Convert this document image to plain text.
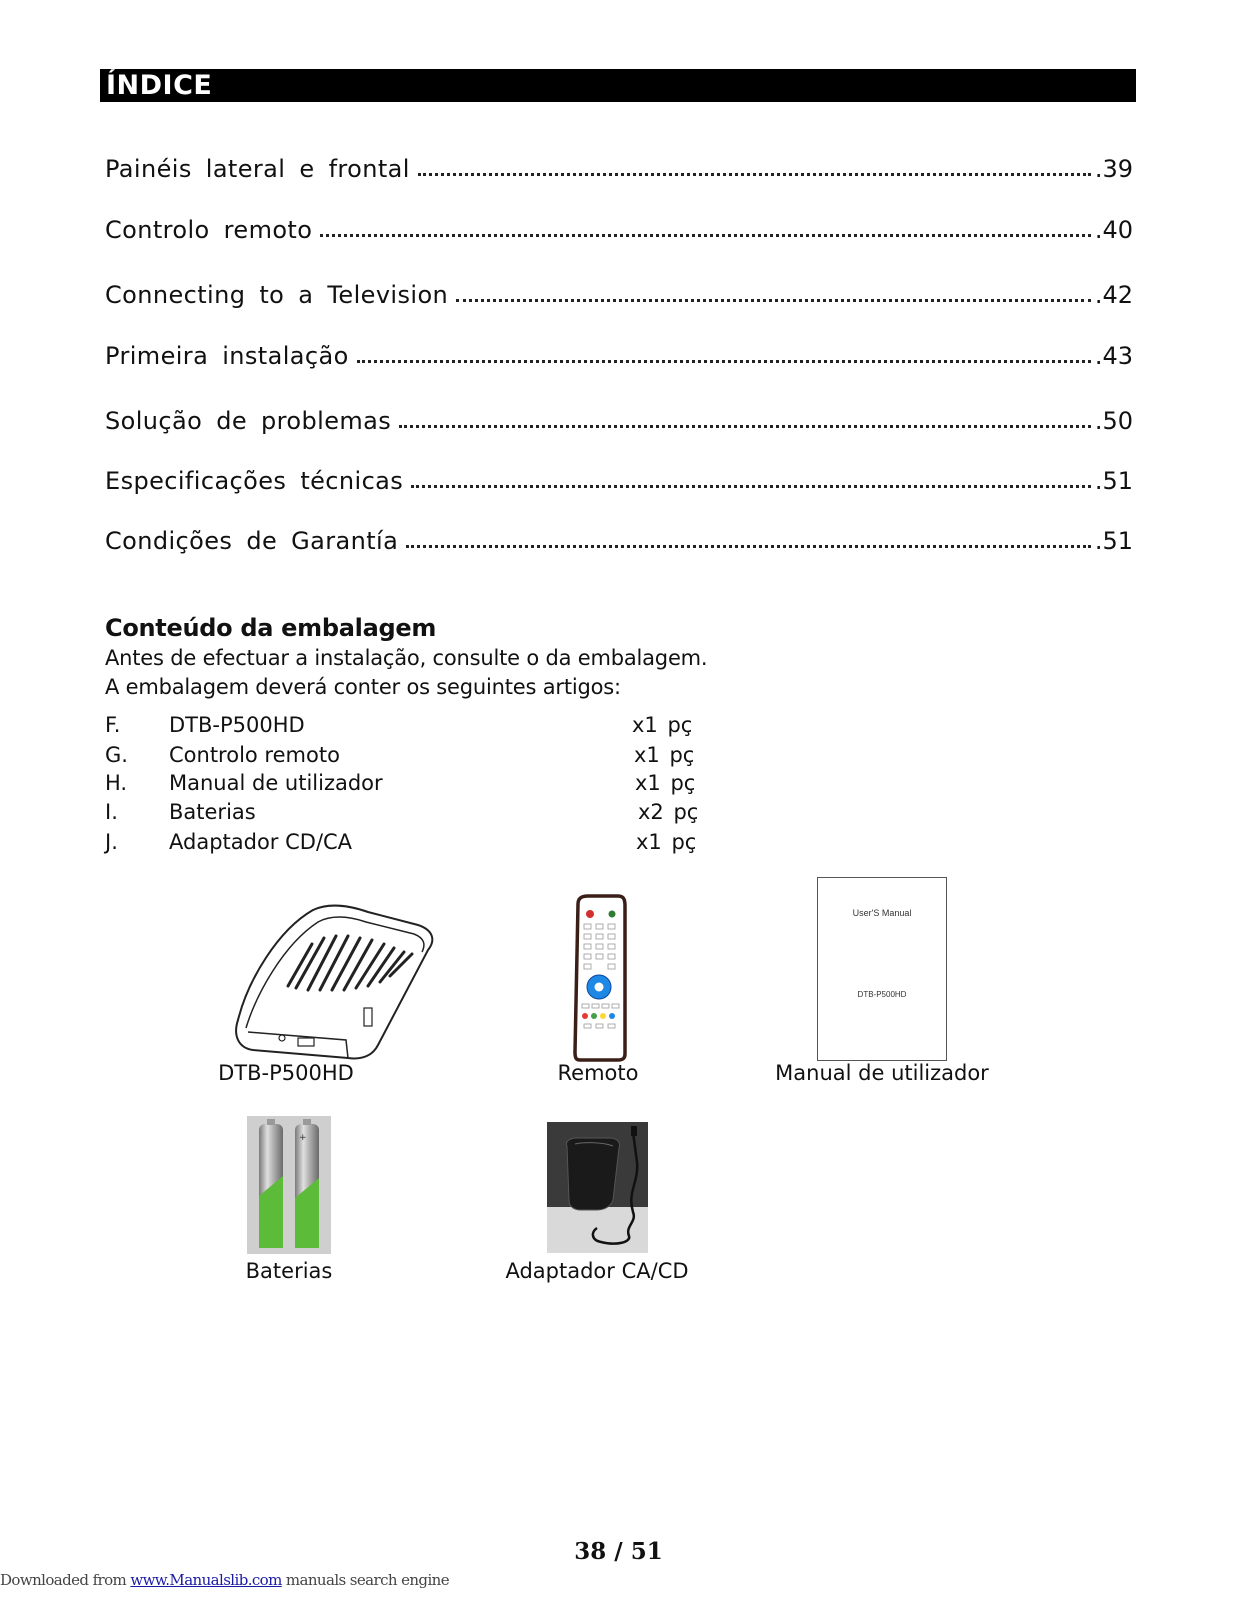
ÍNDICE
Painéis lateral e frontal	.39
Controlo remoto	.40
Connecting to a Television	.42
Primeira instalação	.43
Solução de problemas	.50
Especificações técnicas	.51
Condições de Garantía	.51
Conteúdo da embalagem
Antes de efectuar a instalação, consulte o da embalagem.
A embalagem deverá conter os seguintes artigos:
F. DTB-P500HD	x1 pç
G. Controlo remoto	x1 pç
H. Manual de utilizador	x1 pç
I. Baterias	x2 pç
J. Adaptador CD/CA	x1 pç
DTB-P500HD	Remoto
User'S Manual
DTB-P500HD
Manual de utilizador
+
Baterias	Adaptador CA/CD
38 / 51
Downloaded from www.Manualslib.com manuals search engine
